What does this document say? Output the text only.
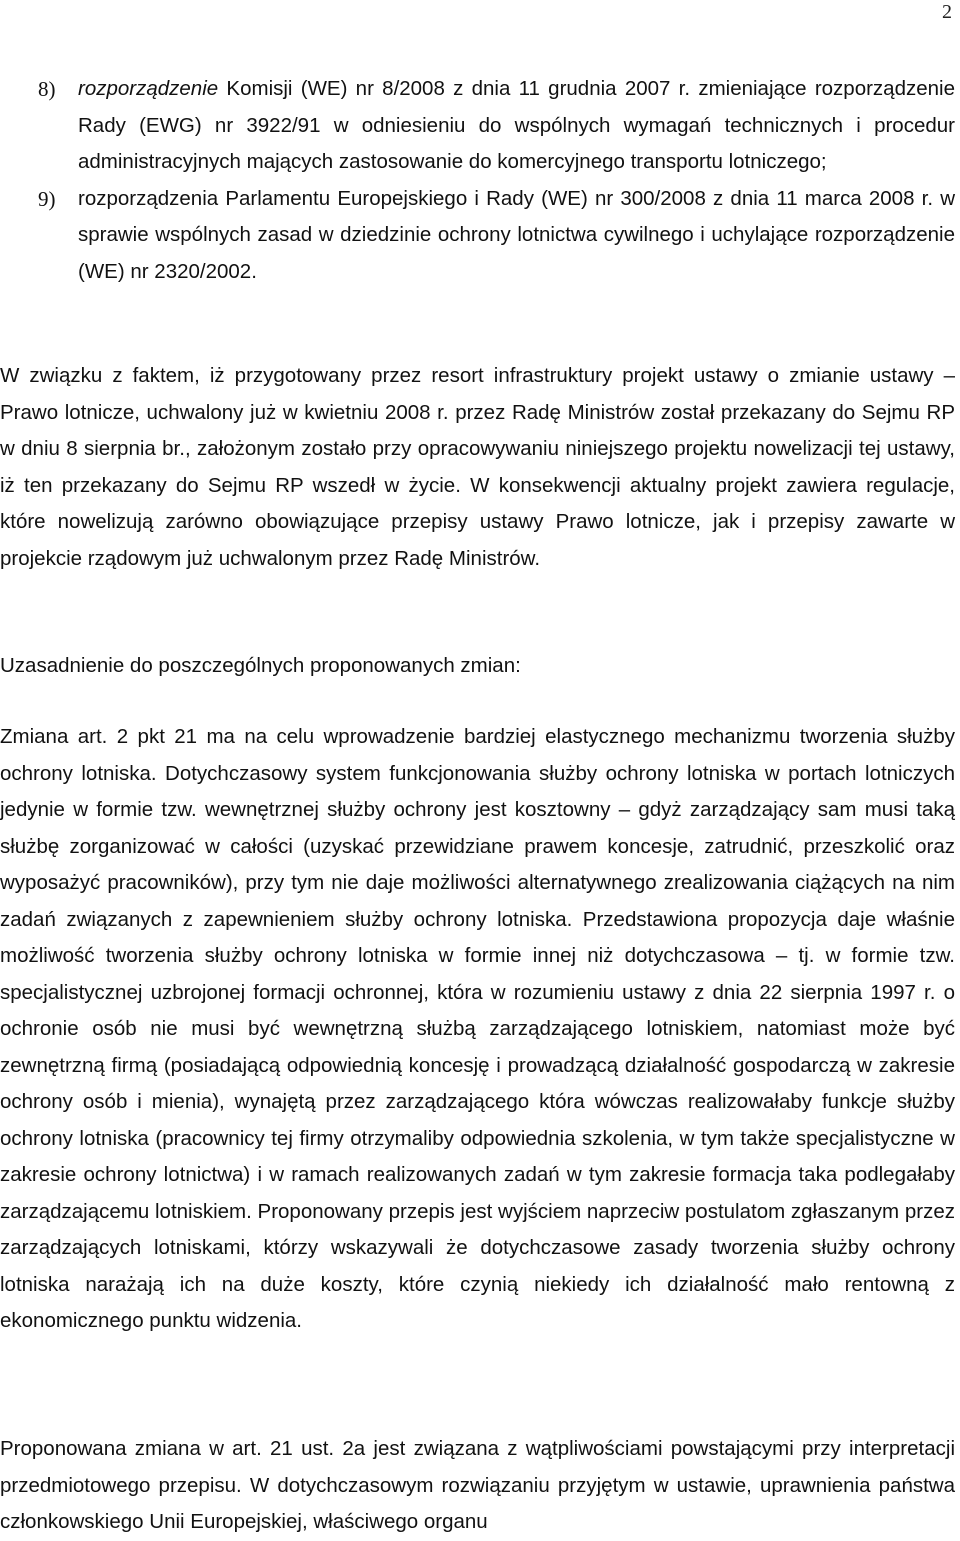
2
8) rozporządzenie Komisji (WE) nr 8/2008 z dnia 11 grudnia 2007 r. zmieniające rozporządzenie Rady (EWG) nr 3922/91 w odniesieniu do wspólnych wymagań technicznych i procedur administracyjnych mających zastosowanie do komercyjnego transportu lotniczego;
9) rozporządzenia Parlamentu Europejskiego i Rady (WE) nr 300/2008 z dnia 11 marca 2008 r. w sprawie wspólnych zasad w dziedzinie ochrony lotnictwa cywilnego i uchylające rozporządzenie (WE) nr 2320/2002.

W związku z faktem, iż przygotowany przez resort infrastruktury projekt ustawy o zmianie ustawy – Prawo lotnicze, uchwalony już w kwietniu 2008 r. przez Radę Ministrów został przekazany do Sejmu RP w dniu 8 sierpnia br., założonym zostało przy opracowywaniu niniejszego projektu nowelizacji tej ustawy, iż ten przekazany do Sejmu RP wszedł w życie. W konsekwencji aktualny projekt zawiera regulacje, które nowelizują zarówno obowiązujące przepisy ustawy Prawo lotnicze, jak i przepisy zawarte w projekcie rządowym już uchwalonym przez Radę Ministrów.

Uzasadnienie do poszczególnych proponowanych zmian:

Zmiana art. 2 pkt 21 ma na celu wprowadzenie bardziej elastycznego mechanizmu tworzenia służby ochrony lotniska. Dotychczasowy system funkcjonowania służby ochrony lotniska w portach lotniczych jedynie w formie tzw. wewnętrznej służby ochrony jest kosztowny – gdyż zarządzający sam musi taką służbę zorganizować w całości (uzyskać przewidziane prawem koncesje, zatrudnić, przeszkolić oraz wyposażyć pracowników), przy tym nie daje możliwości alternatywnego zrealizowania ciążących na nim zadań związanych z zapewnieniem służby ochrony lotniska. Przedstawiona propozycja daje właśnie możliwość tworzenia służby ochrony lotniska w formie innej niż dotychczasowa – tj. w formie tzw. specjalistycznej uzbrojonej formacji ochronnej, która w rozumieniu ustawy z dnia 22 sierpnia 1997 r. o ochronie osób nie musi być wewnętrzną służbą zarządzającego lotniskiem, natomiast może być zewnętrzną firmą (posiadającą odpowiednią koncesję i prowadzącą działalność gospodarczą w zakresie ochrony osób i mienia), wynajętą przez zarządzającego która wówczas realizowałaby funkcje służby ochrony lotniska (pracownicy tej firmy otrzymaliby odpowiednia szkolenia, w tym także specjalistyczne w zakresie ochrony lotnictwa) i w ramach realizowanych zadań w tym zakresie formacja taka podlegałaby zarządzającemu lotniskiem. Proponowany przepis jest wyjściem naprzeciw postulatom zgłaszanym przez zarządzających lotniskami, którzy wskazywali że dotychczasowe zasady tworzenia służby ochrony lotniska narażają ich na duże koszty, które czynią niekiedy ich działalność mało rentowną z ekonomicznego punktu widzenia.

Proponowana zmiana w art. 21 ust. 2a jest związana z wątpliwościami powstającymi przy interpretacji przedmiotowego przepisu. W dotychczasowym rozwiązaniu przyjętym w ustawie, uprawnienia państwa członkowskiego Unii Europejskiej, właściwego organu
